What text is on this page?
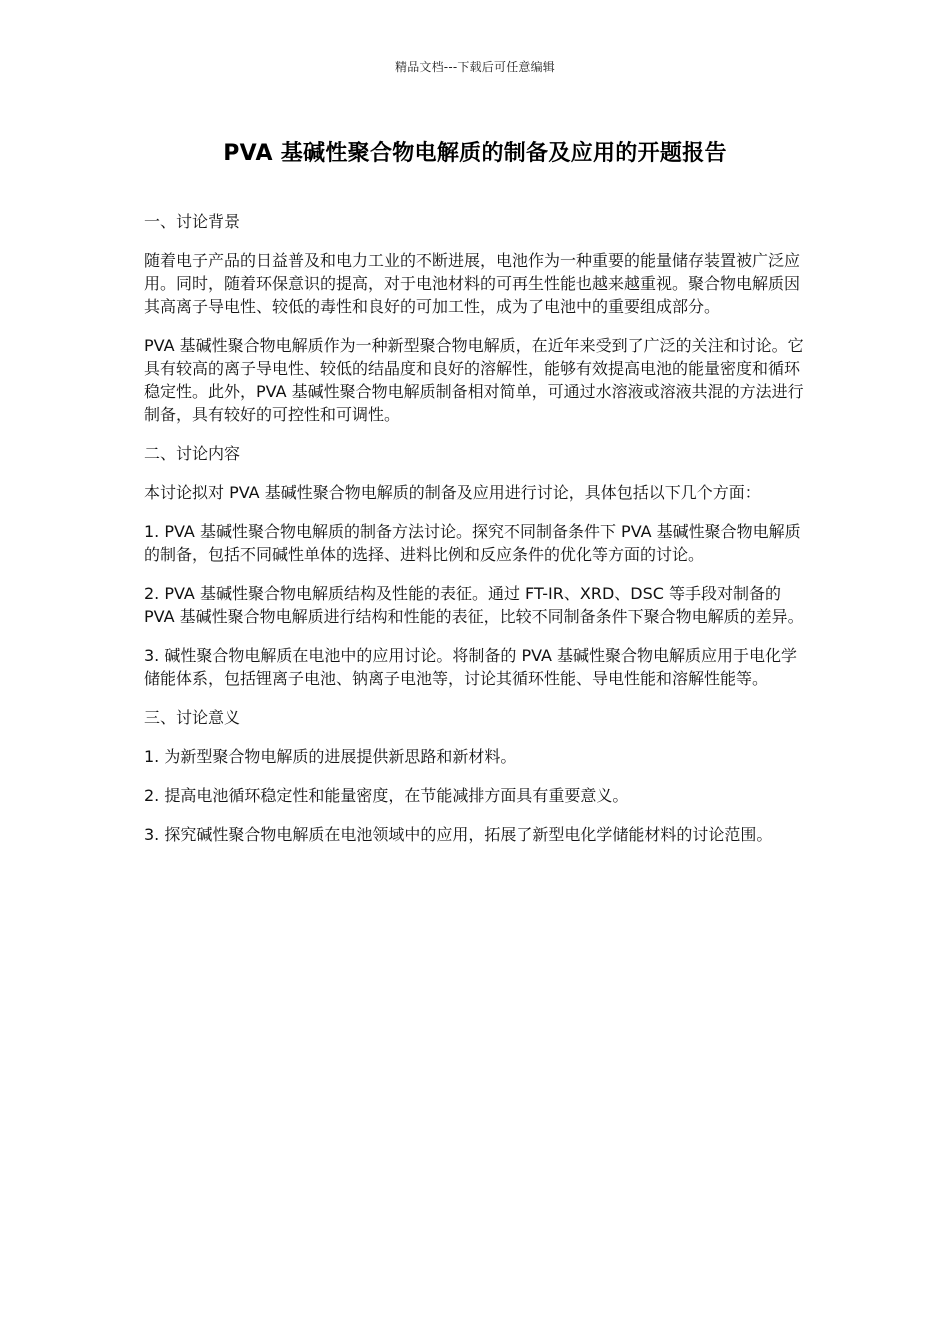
精品文档---下载后可任意编辑
PVA 基碱性聚合物电解质的制备及应用的开题报告

一、讨论背景

随着电子产品的日益普及和电力工业的不断进展，电池作为一种重要的能量储存装置被广泛应用。同时，随着环保意识的提高，对于电池材料的可再生性能也越来越重视。聚合物电解质因其高离子导电性、较低的毒性和良好的可加工性，成为了电池中的重要组成部分。

PVA 基碱性聚合物电解质作为一种新型聚合物电解质，在近年来受到了广泛的关注和讨论。它具有较高的离子导电性、较低的结晶度和良好的溶解性，能够有效提高电池的能量密度和循环稳定性。此外，PVA 基碱性聚合物电解质制备相对简单，可通过水溶液或溶液共混的方法进行制备，具有较好的可控性和可调性。

二、讨论内容

本讨论拟对 PVA 基碱性聚合物电解质的制备及应用进行讨论，具体包括以下几个方面：

1. PVA 基碱性聚合物电解质的制备方法讨论。探究不同制备条件下 PVA 基碱性聚合物电解质的制备，包括不同碱性单体的选择、进料比例和反应条件的优化等方面的讨论。

2. PVA 基碱性聚合物电解质结构及性能的表征。通过 FT-IR、XRD、DSC 等手段对制备的 PVA 基碱性聚合物电解质进行结构和性能的表征，比较不同制备条件下聚合物电解质的差异。

3. 碱性聚合物电解质在电池中的应用讨论。将制备的 PVA 基碱性聚合物电解质应用于电化学储能体系，包括锂离子电池、钠离子电池等，讨论其循环性能、导电性能和溶解性能等。

三、讨论意义

1. 为新型聚合物电解质的进展提供新思路和新材料。

2. 提高电池循环稳定性和能量密度，在节能减排方面具有重要意义。

3. 探究碱性聚合物电解质在电池领域中的应用，拓展了新型电化学储能材料的讨论范围。
